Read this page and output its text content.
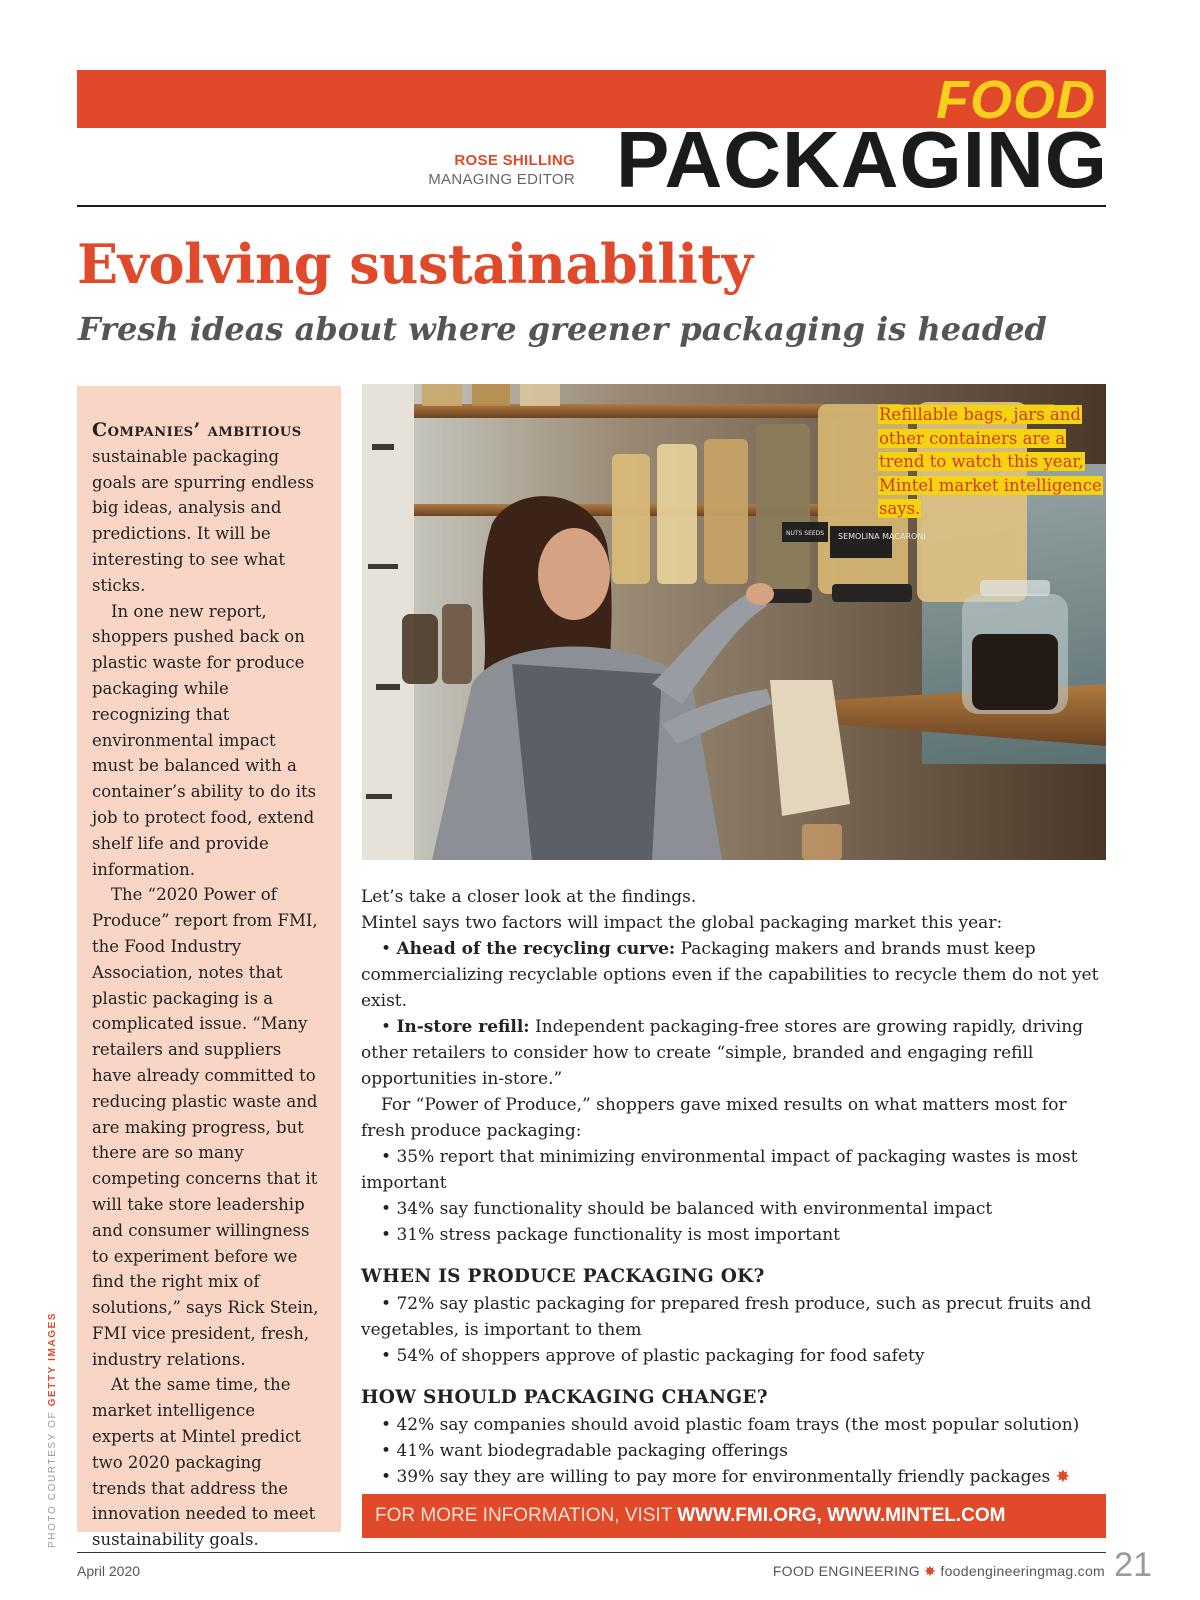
FOOD
ROSE SHILLING
MANAGING EDITOR PACKAGING
Evolving sustainability
Fresh ideas about where greener packaging is headed

Companies’ ambitious sustainable packaging goals are spurring endless big ideas, analysis and predictions. It will be interesting to see what sticks.

In one new report, shoppers pushed back on plastic waste for produce packaging while recognizing that environmental impact must be balanced with a container’s ability to do its job to protect food, extend shelf life and provide information.

The “2020 Power of Produce” report from FMI, the Food Industry Association, notes that plastic packaging is a complicated issue. “Many retailers and suppliers have already committed to reducing plastic waste and are making progress, but there are so many competing concerns that it will take store leadership and consumer willingness to experiment before we find the right mix of solutions,” says Rick Stein, FMI vice president, fresh, industry relations.

At the same time, the market intelligence experts at Mintel predict two 2020 packaging trends that address the innovation needed to meet sustainability goals.

PHOTO COURTESY OF GETTY IMAGES
SEMOLINA MACARONI
NUTS SEEDS
Refillable bags, jars and other containers are a trend to watch this year, Mintel market intelligence says.

Let’s take a closer look at the findings.

Mintel says two factors will impact the global packaging market this year:

• Ahead of the recycling curve: Packaging makers and brands must keep commercializing recyclable options even if the capabilities to recycle them do not yet exist.

• In-store refill: Independent packaging-free stores are growing rapidly, driving other retailers to consider how to create “simple, branded and engaging refill opportunities in-store.”

For “Power of Produce,” shoppers gave mixed results on what matters most for fresh produce packaging:

• 35% report that minimizing environmental impact of packaging wastes is most important

• 34% say functionality should be balanced with environmental impact

• 31% stress package functionality is most important

WHEN IS PRODUCE PACKAGING OK?

• 72% say plastic packaging for prepared fresh produce, such as precut fruits and vegetables, is important to them

• 54% of shoppers approve of plastic packaging for food safety

HOW SHOULD PACKAGING CHANGE?

• 42% say companies should avoid plastic foam trays (the most popular solution)

• 41% want biodegradable packaging offerings

• 39% say they are willing to pay more for environmentally friendly packages ✸

FOR MORE INFORMATION, VISIT WWW.FMI.ORG, WWW.MINTEL.COM
April 2020	FOOD ENGINEERING ✸ foodengineeringmag.com 21
